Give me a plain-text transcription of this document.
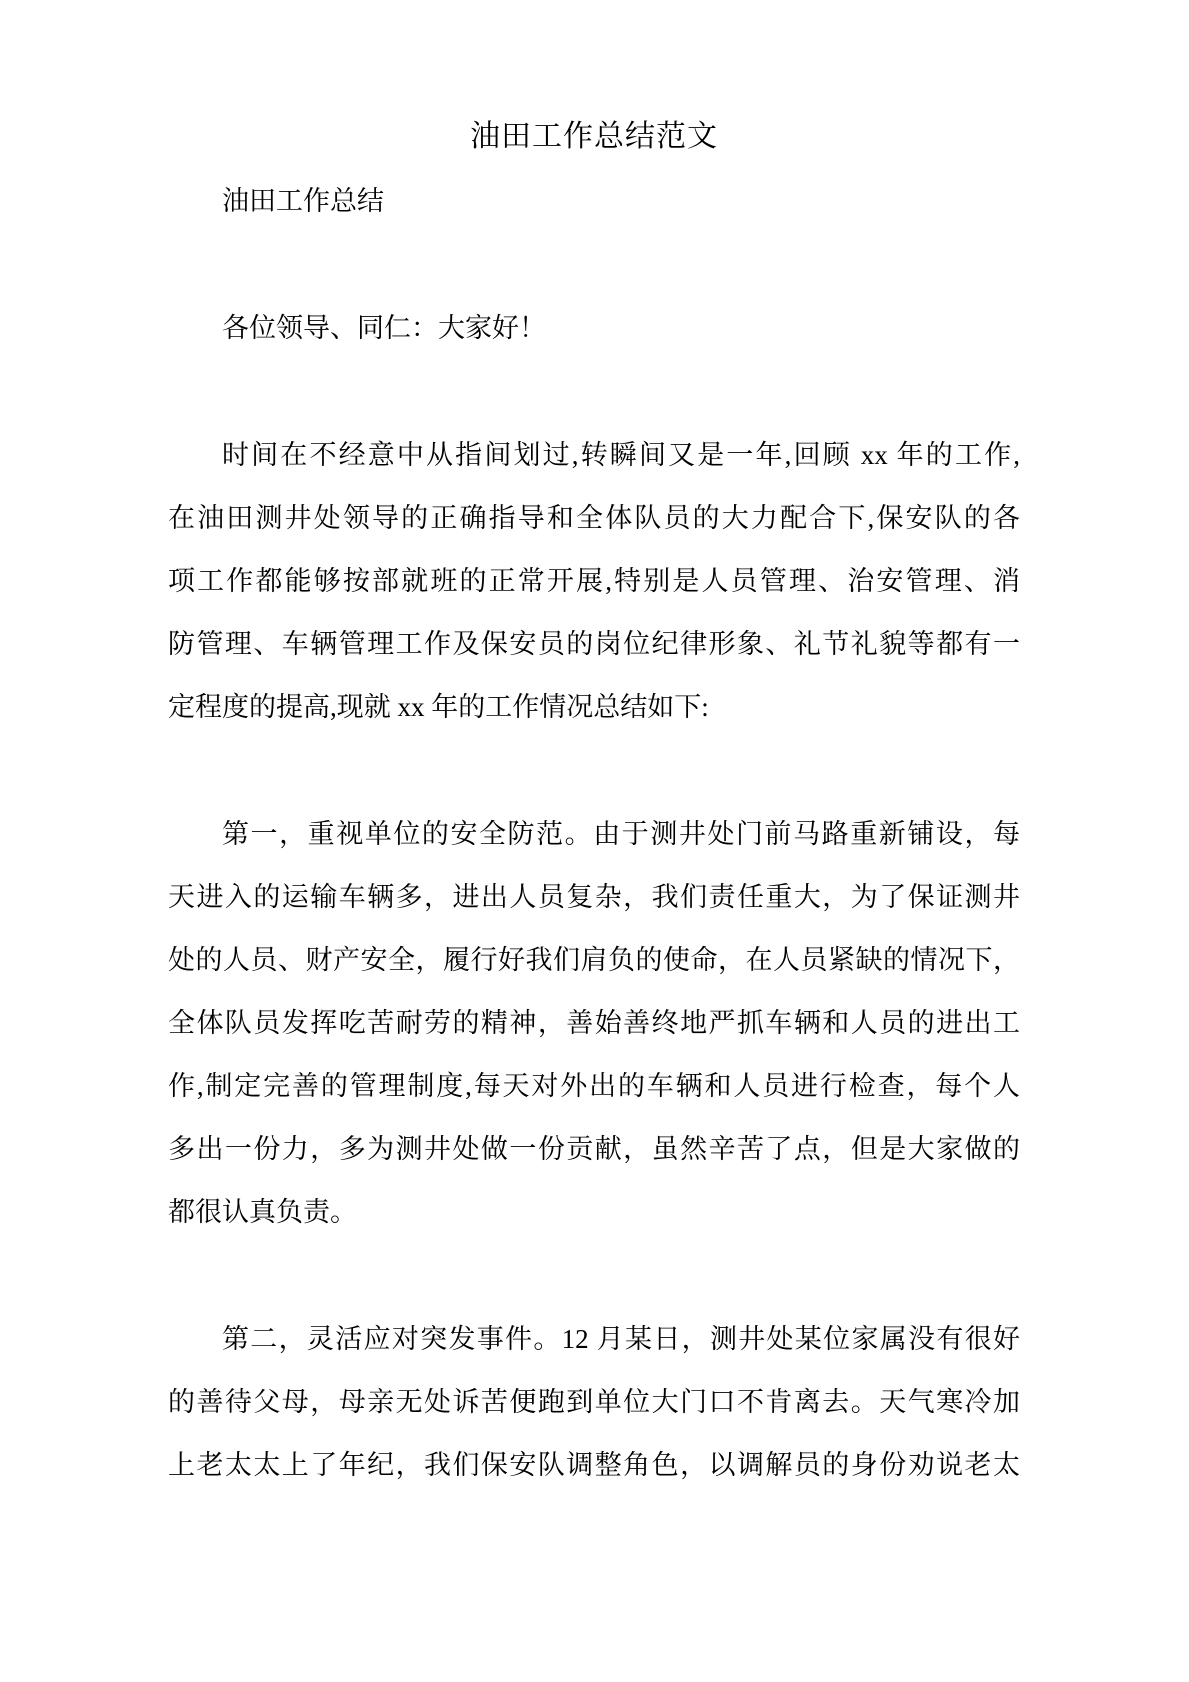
油田工作总结范文
油田工作总结
各位领导、同仁：大家好！
时间在不经意中从指间划过,转瞬间又是一年,回顾 xx 年的工作,
在油田测井处领导的正确指导和全体队员的大力配合下,保安队的各
项工作都能够按部就班的正常开展,特别是人员管理、治安管理、消
防管理、车辆管理工作及保安员的岗位纪律形象、礼节礼貌等都有一
定程度的提高,现就 xx 年的工作情况总结如下:
第一，重视单位的安全防范。由于测井处门前马路重新铺设，每
天进入的运输车辆多，进出人员复杂，我们责任重大，为了保证测井
处的人员、财产安全，履行好我们肩负的使命，在人员紧缺的情况下，
全体队员发挥吃苦耐劳的精神，善始善终地严抓车辆和人员的进出工
作,制定完善的管理制度,每天对外出的车辆和人员进行检查，每个人
多出一份力，多为测井处做一份贡献，虽然辛苦了点，但是大家做的
都很认真负责。
第二，灵活应对突发事件。12 月某日，测井处某位家属没有很好
的善待父母，母亲无处诉苦便跑到单位大门口不肯离去。天气寒冷加
上老太太上了年纪，我们保安队调整角色，以调解员的身份劝说老太
